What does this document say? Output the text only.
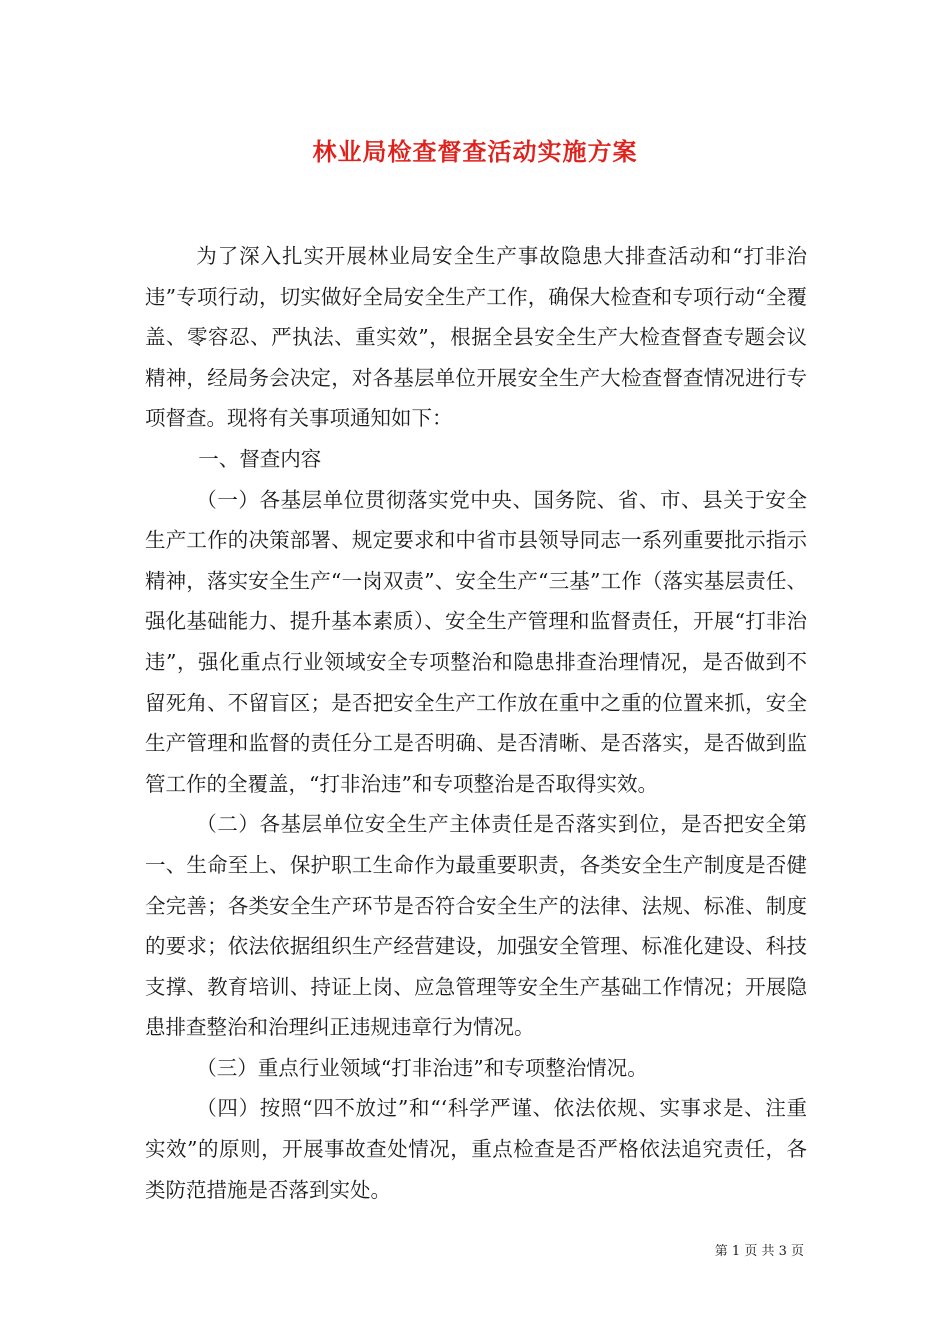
林业局检查督查活动实施方案

为了深入扎实开展林业局安全生产事故隐患大排查活动和“打非治违”专项行动，切实做好全局安全生产工作，确保大检查和专项行动“全覆盖、零容忍、严执法、重实效”，根据全县安全生产大检查督查专题会议精神，经局务会决定，对各基层单位开展安全生产大检查督查情况进行专项督查。现将有关事项通知如下：

一、督查内容

（一）各基层单位贯彻落实党中央、国务院、省、市、县关于安全生产工作的决策部署、规定要求和中省市县领导同志一系列重要批示指示精神，落实安全生产“一岗双责”、安全生产“三基”工作（落实基层责任、强化基础能力、提升基本素质）、安全生产管理和监督责任，开展“打非治违”，强化重点行业领域安全专项整治和隐患排查治理情况，是否做到不留死角、不留盲区；是否把安全生产工作放在重中之重的位置来抓，安全生产管理和监督的责任分工是否明确、是否清晰、是否落实，是否做到监管工作的全覆盖，“打非治违”和专项整治是否取得实效。

（二）各基层单位安全生产主体责任是否落实到位，是否把安全第一、生命至上、保护职工生命作为最重要职责，各类安全生产制度是否健全完善；各类安全生产环节是否符合安全生产的法律、法规、标准、制度的要求；依法依据组织生产经营建设，加强安全管理、标准化建设、科技支撑、教育培训、持证上岗、应急管理等安全生产基础工作情况；开展隐患排查整治和治理纠正违规违章行为情况。

（三）重点行业领域“打非治违”和专项整治情况。

（四）按照“四不放过”和“‘科学严谨、依法依规、实事求是、注重实效”的原则，开展事故查处情况，重点检查是否严格依法追究责任，各类防范措施是否落到实处。

第 1 页 共 3 页
